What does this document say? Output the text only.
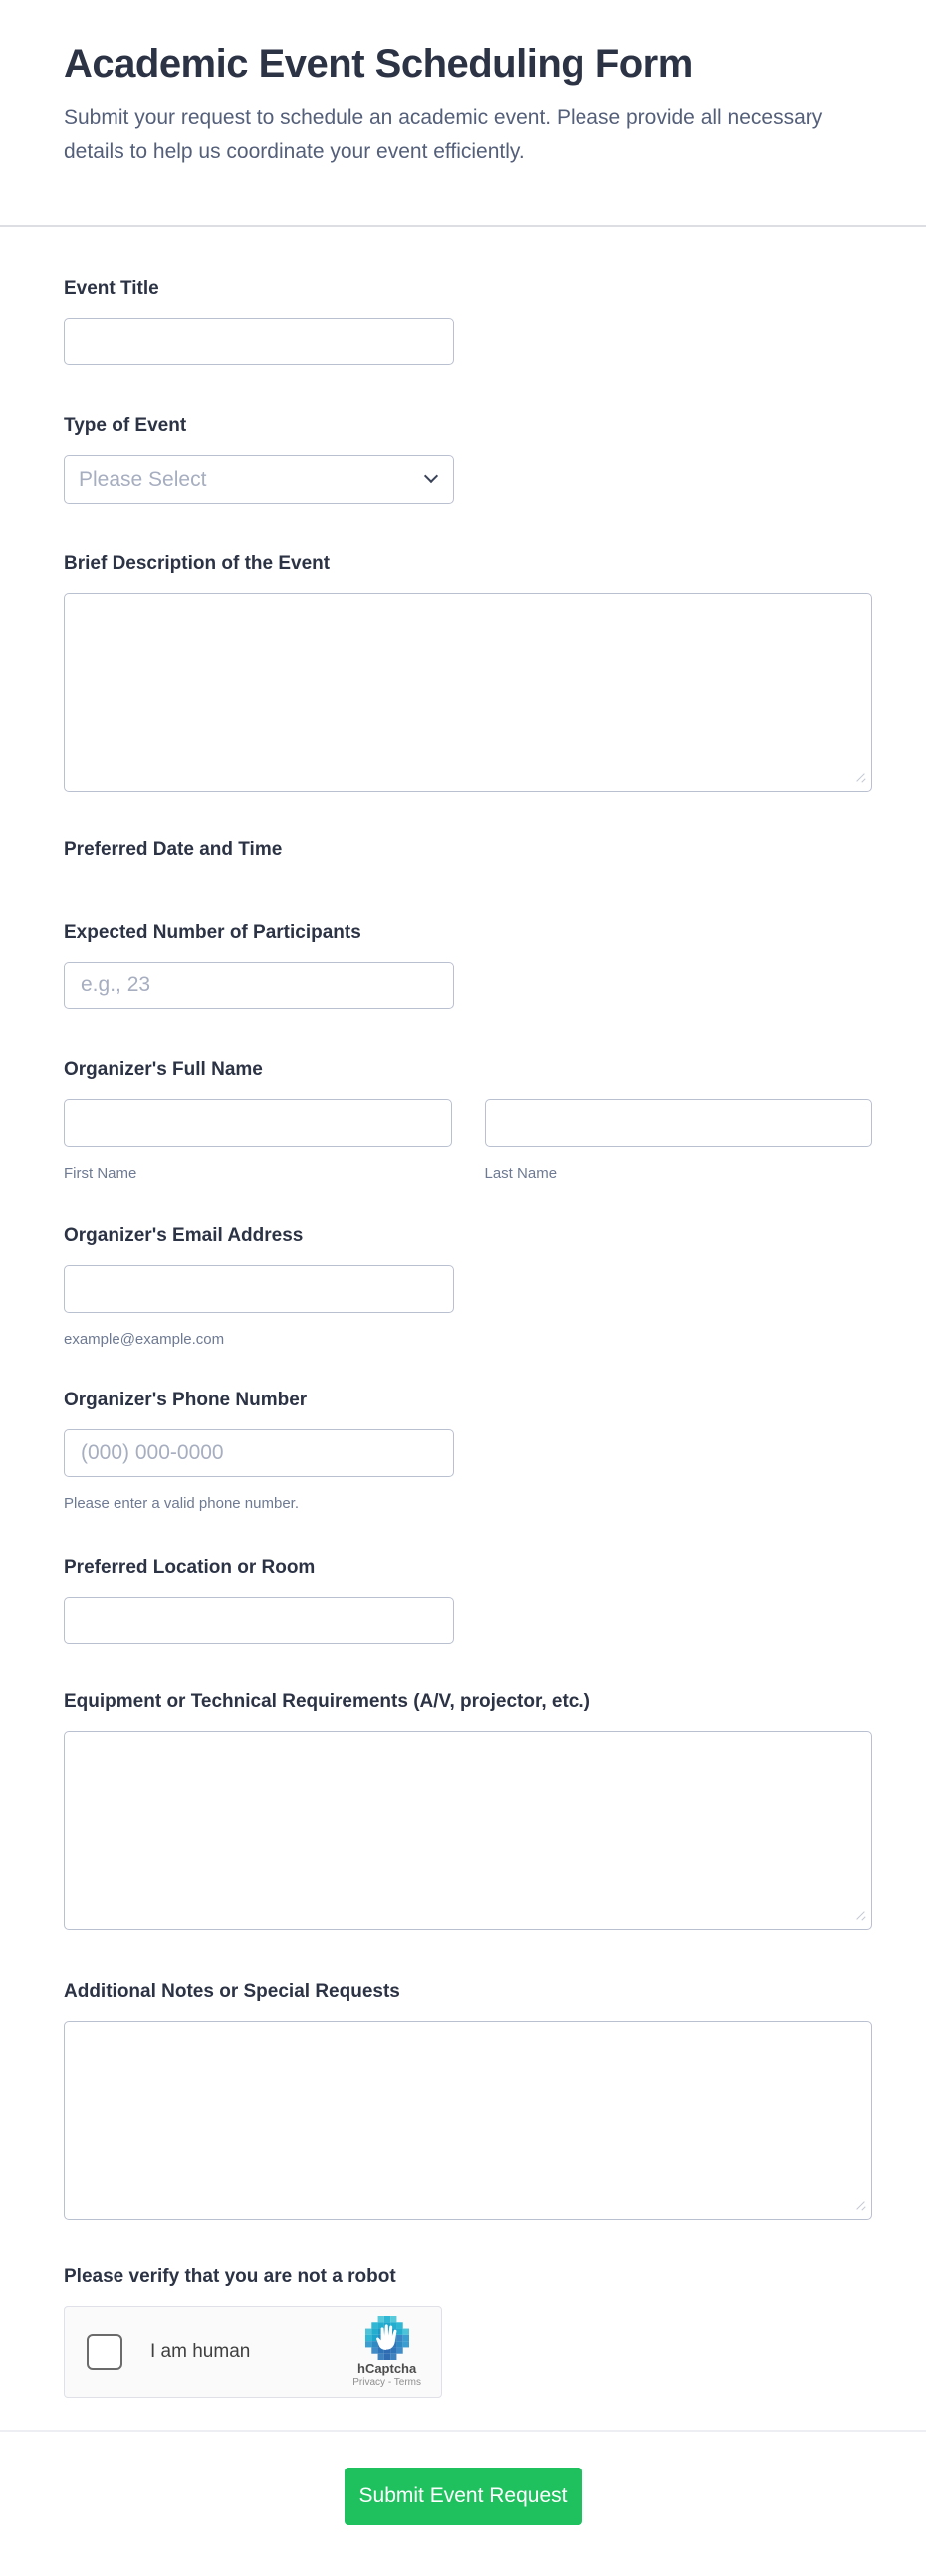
Academic Event Scheduling Form

Submit your request to schedule an academic event. Please provide all necessary details to help us coordinate your event efficiently.

Event Title
Type of Event
Please Select
Brief Description of the Event
Preferred Date and Time
Expected Number of Participants
e.g., 23
Organizer's Full Name
First Name	Last Name
Organizer's Email Address
example@example.com
Organizer's Phone Number
(000) 000-0000
Please enter a valid phone number.
Preferred Location or Room
Equipment or Technical Requirements (A/V, projector, etc.)
Additional Notes or Special Requests
Please verify that you are not a robot
I am human
hCaptcha
Privacy - Terms
Submit Event Request
